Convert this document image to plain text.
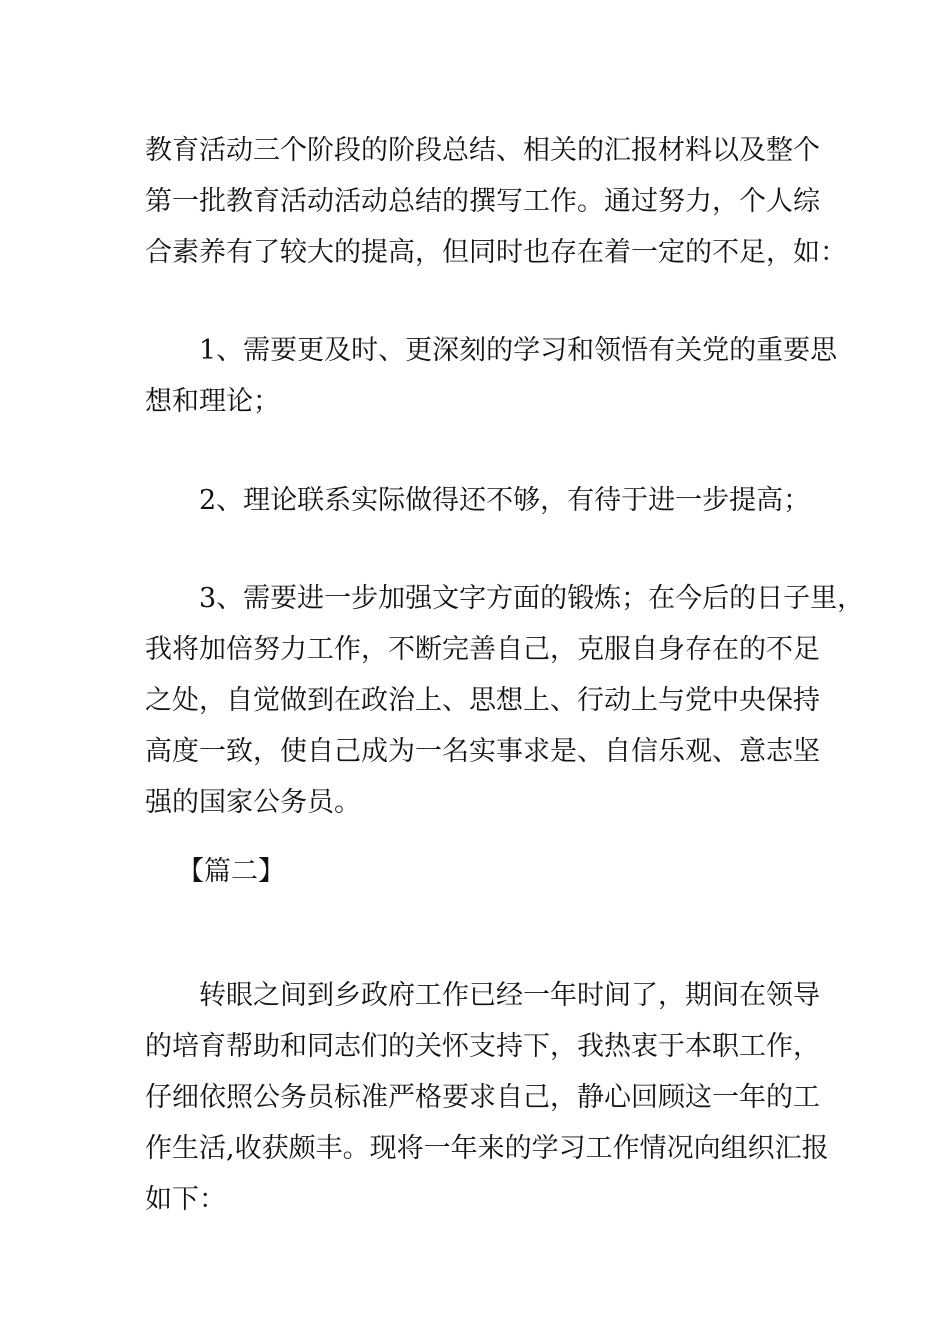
教育活动三个阶段的阶段总结、相关的汇报材料以及整个
第一批教育活动活动总结的撰写工作。通过努力，个人综
合素养有了较大的提高，但同时也存在着一定的不足，如：
1、需要更及时、更深刻的学习和领悟有关党的重要思
想和理论；
2、理论联系实际做得还不够，有待于进一步提高；
3、需要进一步加强文字方面的锻炼；在今后的日子里，
我将加倍努力工作，不断完善自己，克服自身存在的不足
之处，自觉做到在政治上、思想上、行动上与党中央保持
高度一致，使自己成为一名实事求是、自信乐观、意志坚
强的国家公务员。
【篇二】
转眼之间到乡政府工作已经一年时间了，期间在领导
的培育帮助和同志们的关怀支持下，我热衷于本职工作，
仔细依照公务员标准严格要求自己，静心回顾这一年的工
作生活,收获颇丰。现将一年来的学习工作情况向组织汇报
如下：
